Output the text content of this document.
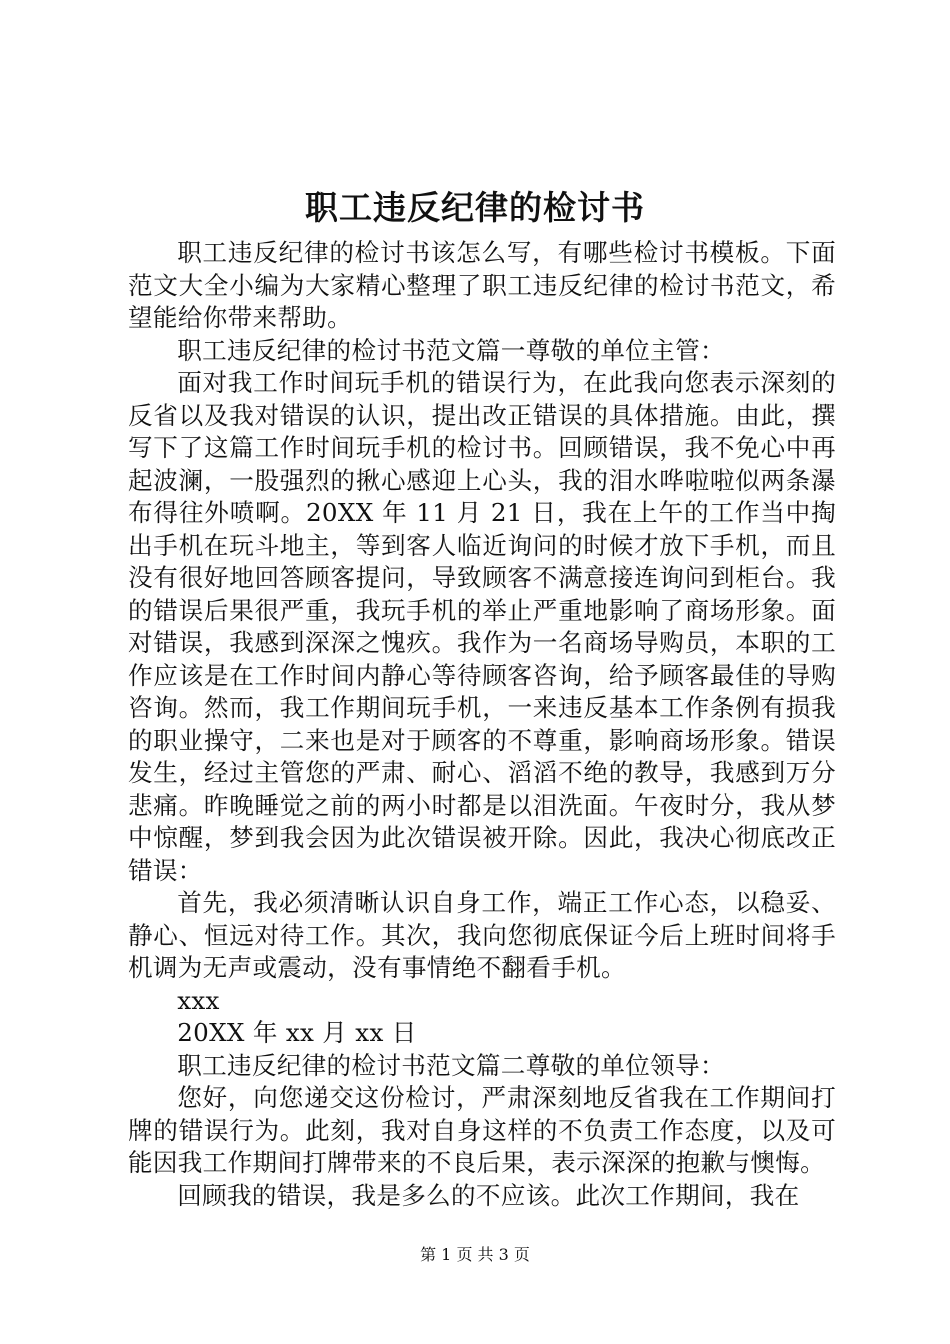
职工违反纪律的检讨书

职工违反纪律的检讨书该怎么写，有哪些检讨书模板。下面范文大全小编为大家精心整理了职工违反纪律的检讨书范文，希望能给你带来帮助。

职工违反纪律的检讨书范文篇一尊敬的单位主管：

面对我工作时间玩手机的错误行为，在此我向您表示深刻的反省以及我对错误的认识，提出改正错误的具体措施。由此，撰写下了这篇工作时间玩手机的检讨书。回顾错误，我不免心中再起波澜，一股强烈的揪心感迎上心头，我的泪水哗啦啦似两条瀑布得往外喷啊。20XX 年 11 月 21 日，我在上午的工作当中掏出手机在玩斗地主，等到客人临近询问的时候才放下手机，而且没有很好地回答顾客提问，导致顾客不满意接连询问到柜台。我的错误后果很严重，我玩手机的举止严重地影响了商场形象。面对错误，我感到深深之愧疚。我作为一名商场导购员，本职的工作应该是在工作时间内静心等待顾客咨询，给予顾客最佳的导购咨询。然而，我工作期间玩手机，一来违反基本工作条例有损我的职业操守，二来也是对于顾客的不尊重，影响商场形象。错误发生，经过主管您的严肃、耐心、滔滔不绝的教导，我感到万分悲痛。昨晚睡觉之前的两小时都是以泪洗面。午夜时分，我从梦中惊醒，梦到我会因为此次错误被开除。因此，我决心彻底改正错误：

首先，我必须清晰认识自身工作，端正工作心态，以稳妥、静心、恒远对待工作。其次，我向您彻底保证今后上班时间将手机调为无声或震动，没有事情绝不翻看手机。

xxx

20XX 年 xx 月 xx 日

职工违反纪律的检讨书范文篇二尊敬的单位领导：

您好，向您递交这份检讨，严肃深刻地反省我在工作期间打牌的错误行为。此刻，我对自身这样的不负责工作态度，以及可能因我工作期间打牌带来的不良后果，表示深深的抱歉与懊悔。

回顾我的错误，我是多么的不应该。此次工作期间，我在

第 1 页 共 3 页
